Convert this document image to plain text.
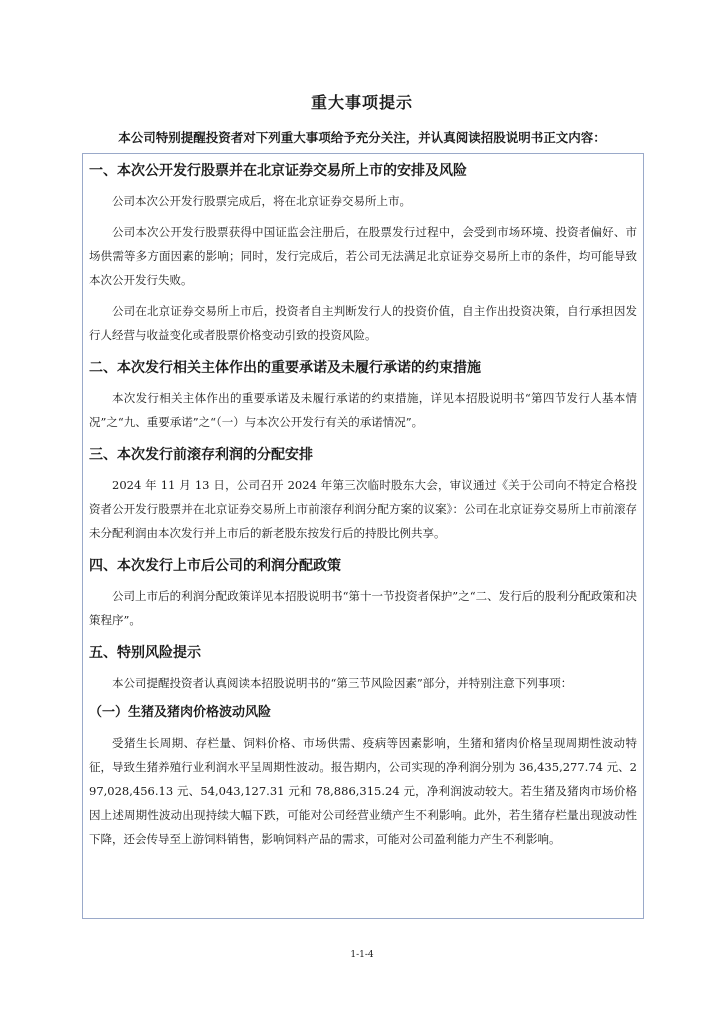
重大事项提示
本公司特别提醒投资者对下列重大事项给予充分关注，并认真阅读招股说明书正文内容：
一、本次公开发行股票并在北京证券交易所上市的安排及风险

公司本次公开发行股票完成后，将在北京证券交易所上市。

公司本次公开发行股票获得中国证监会注册后，在股票发行过程中，会受到市场环境、投资者偏好、市场供需等多方面因素的影响；同时，发行完成后，若公司无法满足北京证券交易所上市的条件，均可能导致本次公开发行失败。

公司在北京证券交易所上市后，投资者自主判断发行人的投资价值，自主作出投资决策，自行承担因发行人经营与收益变化或者股票价格变动引致的投资风险。

二、本次发行相关主体作出的重要承诺及未履行承诺的约束措施

本次发行相关主体作出的重要承诺及未履行承诺的约束措施，详见本招股说明书“第四节发行人基本情况”之“九、重要承诺”之“（一）与本次公开发行有关的承诺情况”。

三、本次发行前滚存利润的分配安排

2024 年 11 月 13 日，公司召开 2024 年第三次临时股东大会，审议通过《关于公司向不特定合格投资者公开发行股票并在北京证券交易所上市前滚存利润分配方案的议案》：公司在北京证券交易所上市前滚存未分配利润由本次发行并上市后的新老股东按发行后的持股比例共享。

四、本次发行上市后公司的利润分配政策

公司上市后的利润分配政策详见本招股说明书“第十一节投资者保护”之“二、发行后的股利分配政策和决策程序”。

五、特别风险提示

本公司提醒投资者认真阅读本招股说明书的“第三节风险因素”部分，并特别注意下列事项：

（一）生猪及猪肉价格波动风险

受猪生长周期、存栏量、饲料价格、市场供需、疫病等因素影响，生猪和猪肉价格呈现周期性波动特征，导致生猪养殖行业利润水平呈周期性波动。报告期内，公司实现的净利润分别为 36,435,277.74 元、297,028,456.13 元、54,043,127.31 元和 78,886,315.24 元，净利润波动较大。若生猪及猪肉市场价格因上述周期性波动出现持续大幅下跌，可能对公司经营业绩产生不利影响。此外，若生猪存栏量出现波动性下降，还会传导至上游饲料销售，影响饲料产品的需求，可能对公司盈利能力产生不利影响。

1-1-4
